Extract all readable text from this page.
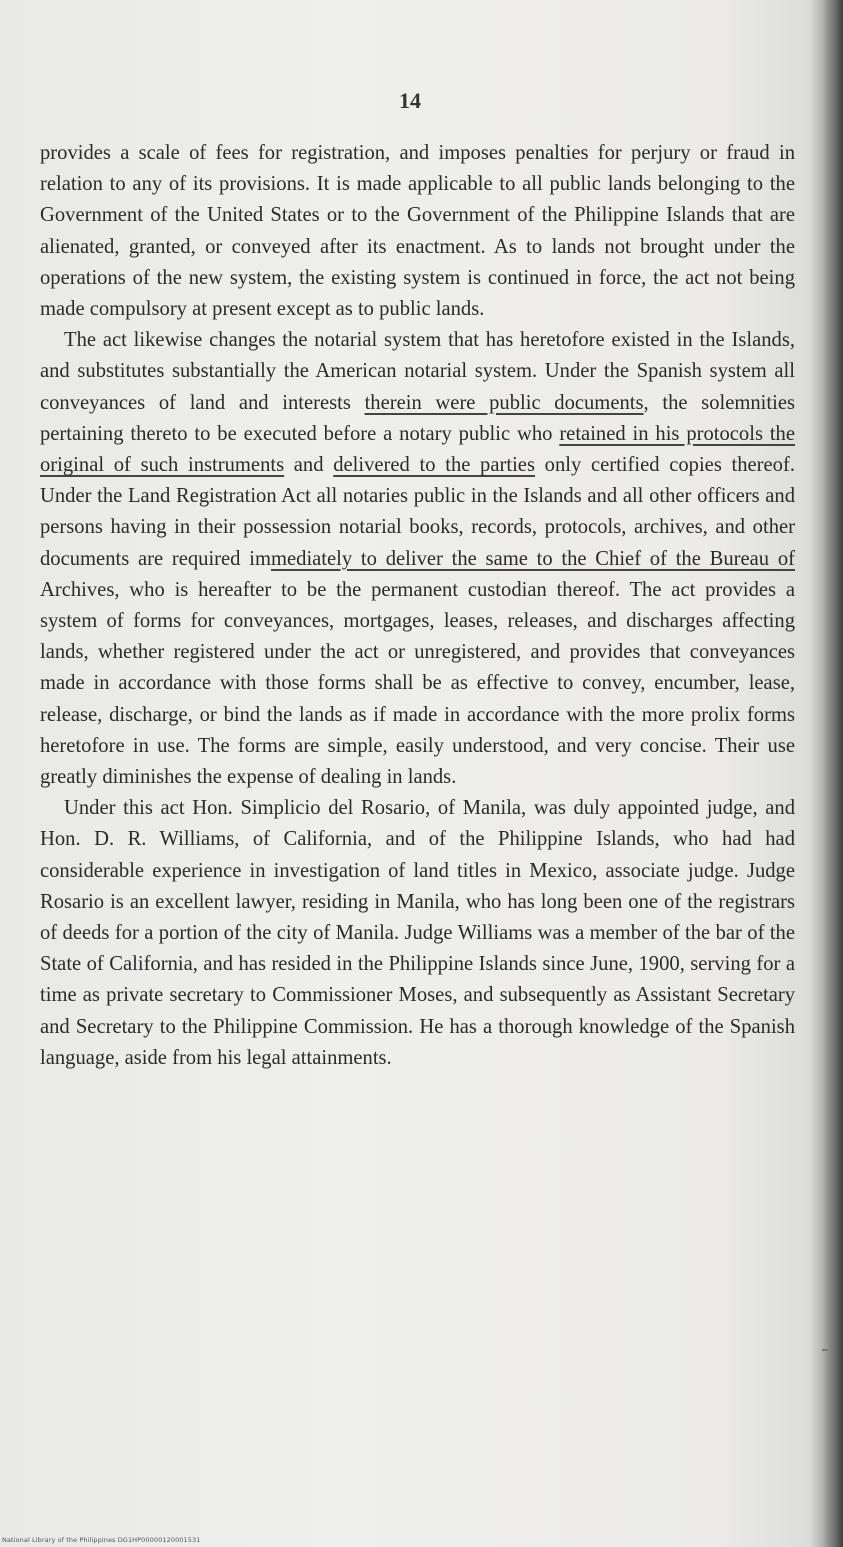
14

provides a scale of fees for registration, and imposes penalties for perjury or fraud in relation to any of its provisions. It is made applicable to all public lands belonging to the Government of the United States or to the Government of the Philippine Islands that are alienated, granted, or conveyed after its enactment. As to lands not brought under the operations of the new system, the existing system is continued in force, the act not being made compulsory at present except as to public lands.

The act likewise changes the notarial system that has heretofore existed in the Islands, and substitutes substantially the American notarial system. Under the Spanish system all conveyances of land and interests therein were public documents, the solemnities pertaining thereto to be executed before a notary public who retained in his protocols the original of such instruments and delivered to the parties only certified copies thereof. Under the Land Registration Act all notaries public in the Islands and all other officers and persons having in their possession notarial books, records, protocols, archives, and other documents are required immediately to deliver the same to the Chief of the Bureau of Archives, who is hereafter to be the permanent custodian thereof. The act provides a system of forms for conveyances, mortgages, leases, releases, and discharges affecting lands, whether registered under the act or unregistered, and provides that conveyances made in accordance with those forms shall be as effective to convey, encumber, lease, release, discharge, or bind the lands as if made in accordance with the more prolix forms heretofore in use. The forms are simple, easily understood, and very concise. Their use greatly diminishes the expense of dealing in lands.

Under this act Hon. Simplicio del Rosario, of Manila, was duly appointed judge, and Hon. D. R. Williams, of California, and of the Philippine Islands, who had had considerable experience in investigation of land titles in Mexico, associate judge. Judge Rosario is an excellent lawyer, residing in Manila, who has long been one of the registrars of deeds for a portion of the city of Manila. Judge Williams was a member of the bar of the State of California, and has resided in the Philippine Islands since June, 1900, serving for a time as private secretary to Commissioner Moses, and subsequently as Assistant Secretary and Secretary to the Philippine Commission. He has a thorough knowledge of the Spanish language, aside from his legal attainments.

National Library of the Philippines DG1HP00000120001531
